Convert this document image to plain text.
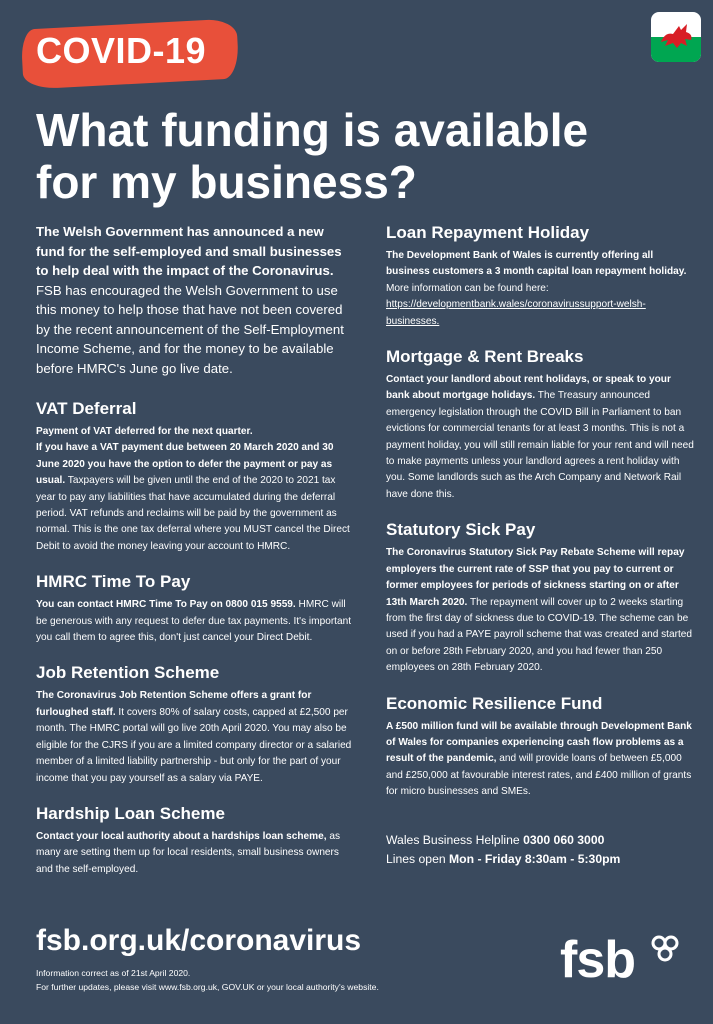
COVID-19
What funding is available
for my business?

The Welsh Government has announced a new fund for the self-employed and small businesses to help deal with the impact of the Coronavirus. FSB has encouraged the Welsh Government to use this money to help those that have not been covered by the recent announcement of the Self-Employment Income Scheme, and for the money to be available before HMRC's June go live date.

VAT Deferral

Payment of VAT deferred for the next quarter.
If you have a VAT payment due between 20 March 2020 and 30 June 2020 you have the option to defer the payment or pay as usual. Taxpayers will be given until the end of the 2020 to 2021 tax year to pay any liabilities that have accumulated during the deferral period. VAT refunds and reclaims will be paid by the government as normal. This is the one tax deferral where you MUST cancel the Direct Debit to avoid the money leaving your account to HMRC.

HMRC Time To Pay

You can contact HMRC Time To Pay on 0800 015 9559. HMRC will be generous with any request to defer due tax payments. It's important you call them to agree this, don't just cancel your Direct Debit.

Job Retention Scheme

The Coronavirus Job Retention Scheme offers a grant for furloughed staff. It covers 80% of salary costs, capped at £2,500 per month. The HMRC portal will go live 20th April 2020. You may also be eligible for the CJRS if you are a limited company director or a salaried member of a limited liability partnership - but only for the part of your income that you pay yourself as a salary via PAYE.

Hardship Loan Scheme

Contact your local authority about a hardships loan scheme, as many are setting them up for local residents, small business owners and the self-employed.

Loan Repayment Holiday

The Development Bank of Wales is currently offering all business customers a 3 month capital loan repayment holiday. More information can be found here:
https://developmentbank.wales/coronavirussupport-welsh-businesses.

Mortgage & Rent Breaks

Contact your landlord about rent holidays, or speak to your bank about mortgage holidays. The Treasury announced emergency legislation through the COVID Bill in Parliament to ban evictions for commercial tenants for at least 3 months. This is not a payment holiday, you will still remain liable for your rent and will need to make payments unless your landlord agrees a rent holiday with you. Some landlords such as the Arch Company and Network Rail have done this.

Statutory Sick Pay

The Coronavirus Statutory Sick Pay Rebate Scheme will repay employers the current rate of SSP that you pay to current or former employees for periods of sickness starting on or after 13th March 2020. The repayment will cover up to 2 weeks starting from the first day of sickness due to COVID-19. The scheme can be used if you had a PAYE payroll scheme that was created and started on or before 28th February 2020, and you had fewer than 250 employees on 28th February 2020.

Economic Resilience Fund

A £500 million fund will be available through Development Bank of Wales for companies experiencing cash flow problems as a result of the pandemic, and will provide loans of between £5,000 and £250,000 at favourable interest rates, and £400 million of grants for micro businesses and SMEs.

Wales Business Helpline 0300 060 3000
Lines open Mon - Friday 8:30am - 5:30pm
fsb.org.uk/coronavirus
Information correct as of 21st April 2020.
For further updates, please visit www.fsb.org.uk, GOV.UK or your local authority's website.	fsb
